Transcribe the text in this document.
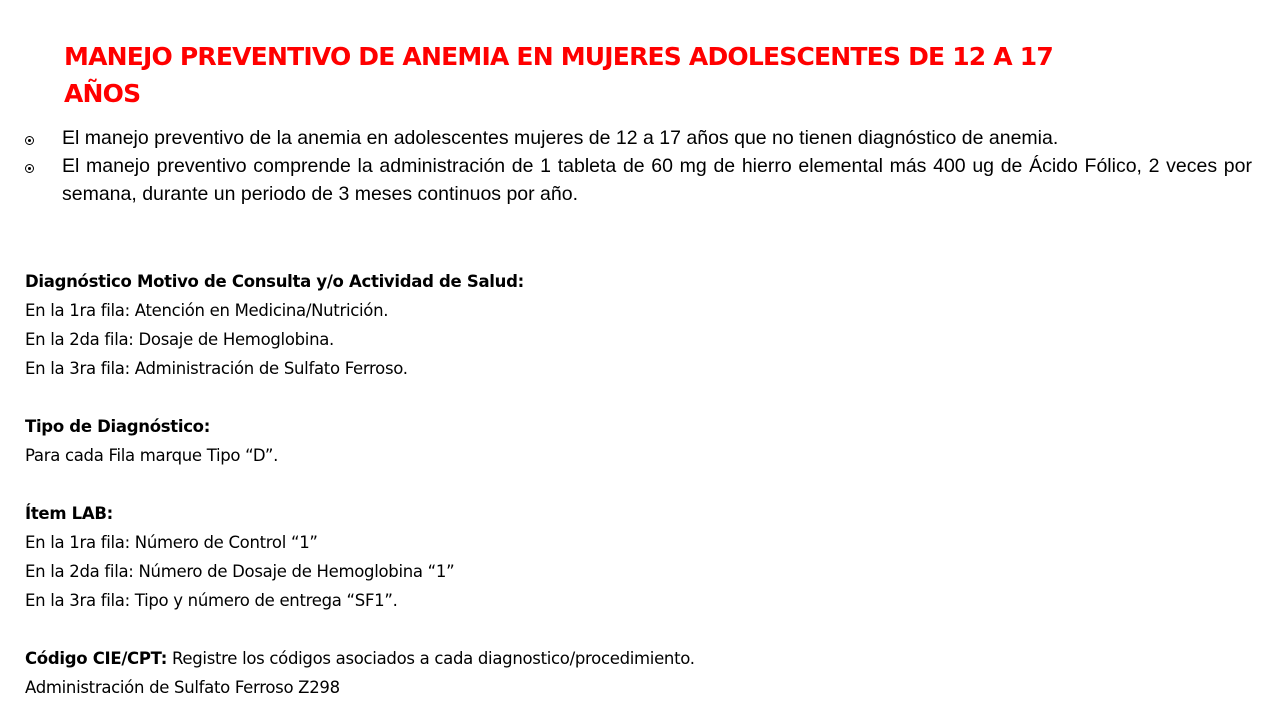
MANEJO PREVENTIVO DE ANEMIA EN MUJERES ADOLESCENTES DE 12 A 17 AÑOS
El manejo preventivo de la anemia en adolescentes mujeres de 12 a 17 años que no tienen diagnóstico de anemia.
El manejo preventivo comprende la administración de 1 tableta de 60 mg de hierro elemental más 400 ug de Ácido Fólico, 2 veces por semana, durante un periodo de 3 meses continuos por año.
Diagnóstico Motivo de Consulta y/o Actividad de Salud:
En la 1ra fila: Atención en Medicina/Nutrición.
En la 2da fila: Dosaje de Hemoglobina.
En la 3ra fila: Administración de Sulfato Ferroso.
Tipo de Diagnóstico:
Para cada Fila marque Tipo “D”.
Ítem LAB:
En la 1ra fila: Número de Control “1”
En la 2da fila: Número de Dosaje de Hemoglobina “1”
En la 3ra fila: Tipo y número de entrega “SF1”.
Código CIE/CPT: Registre los códigos asociados a cada diagnostico/procedimiento.
Administración de Sulfato Ferroso Z298
